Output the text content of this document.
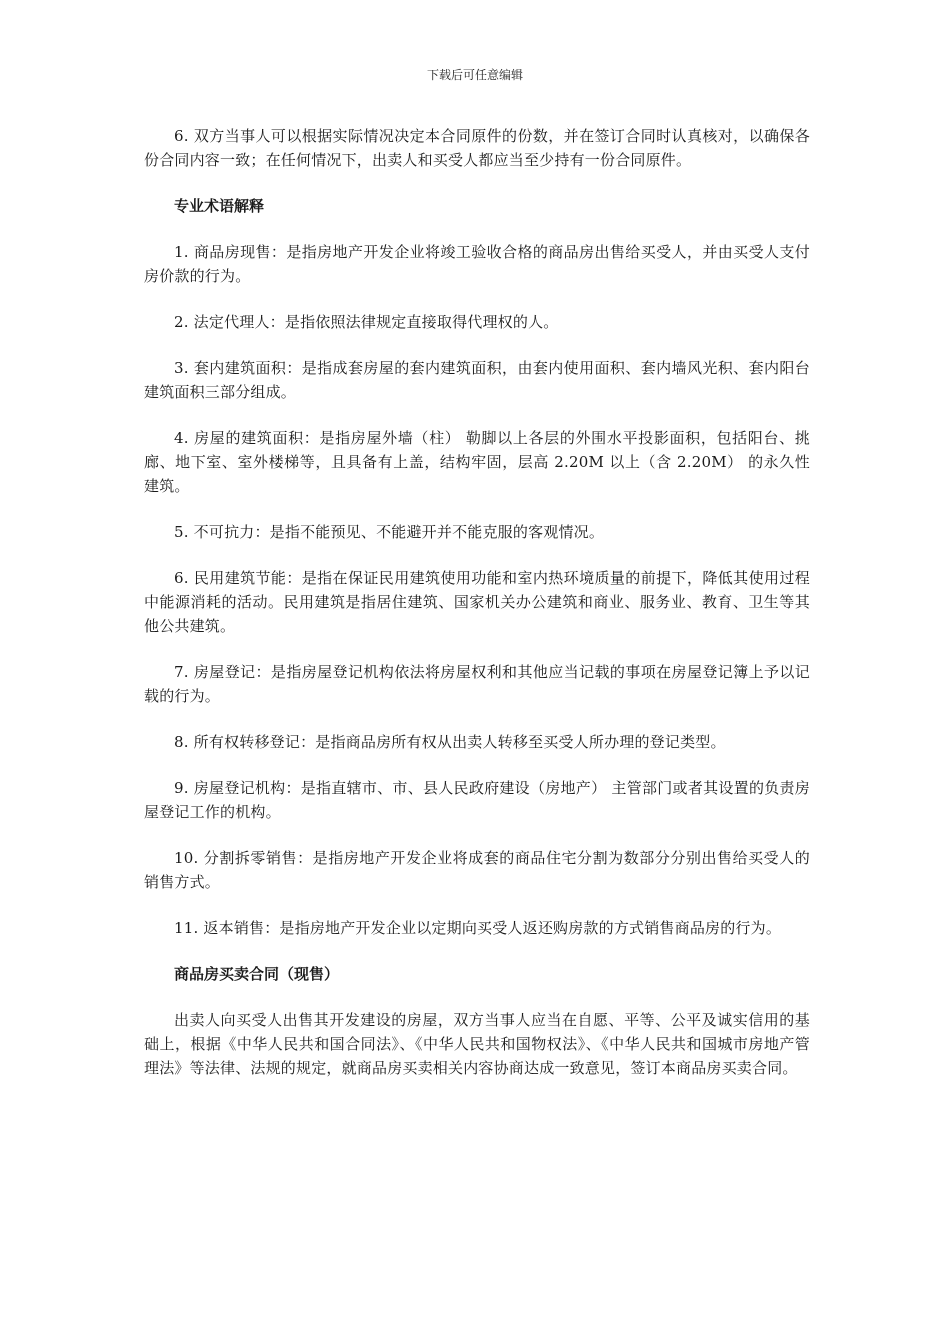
下载后可任意编辑

6. 双方当事人可以根据实际情况决定本合同原件的份数，并在签订合同时认真核对，以确保各份合同内容一致；在任何情况下，出卖人和买受人都应当至少持有一份合同原件。

专业术语解释

1. 商品房现售：是指房地产开发企业将竣工验收合格的商品房出售给买受人，并由买受人支付房价款的行为。

2. 法定代理人：是指依照法律规定直接取得代理权的人。

3. 套内建筑面积：是指成套房屋的套内建筑面积，由套内使用面积、套内墙风光积、套内阳台建筑面积三部分组成。

4. 房屋的建筑面积：是指房屋外墙（柱） 勒脚以上各层的外围水平投影面积，包括阳台、挑廊、地下室、室外楼梯等，且具备有上盖，结构牢固，层高 2.20M 以上（含 2.20M） 的永久性建筑。

5. 不可抗力：是指不能预见、不能避开并不能克服的客观情况。

6. 民用建筑节能：是指在保证民用建筑使用功能和室内热环境质量的前提下，降低其使用过程中能源消耗的活动。民用建筑是指居住建筑、国家机关办公建筑和商业、服务业、教育、卫生等其他公共建筑。

7. 房屋登记：是指房屋登记机构依法将房屋权利和其他应当记载的事项在房屋登记簿上予以记载的行为。

8. 所有权转移登记：是指商品房所有权从出卖人转移至买受人所办理的登记类型。

9. 房屋登记机构：是指直辖市、市、县人民政府建设（房地产） 主管部门或者其设置的负责房屋登记工作的机构。

10. 分割拆零销售：是指房地产开发企业将成套的商品住宅分割为数部分分别出售给买受人的销售方式。

11. 返本销售：是指房地产开发企业以定期向买受人返还购房款的方式销售商品房的行为。

商品房买卖合同（现售）

出卖人向买受人出售其开发建设的房屋，双方当事人应当在自愿、平等、公平及诚实信用的基础上，根据《中华人民共和国合同法》、《中华人民共和国物权法》、《中华人民共和国城市房地产管理法》等法律、法规的规定，就商品房买卖相关内容协商达成一致意见，签订本商品房买卖合同。
